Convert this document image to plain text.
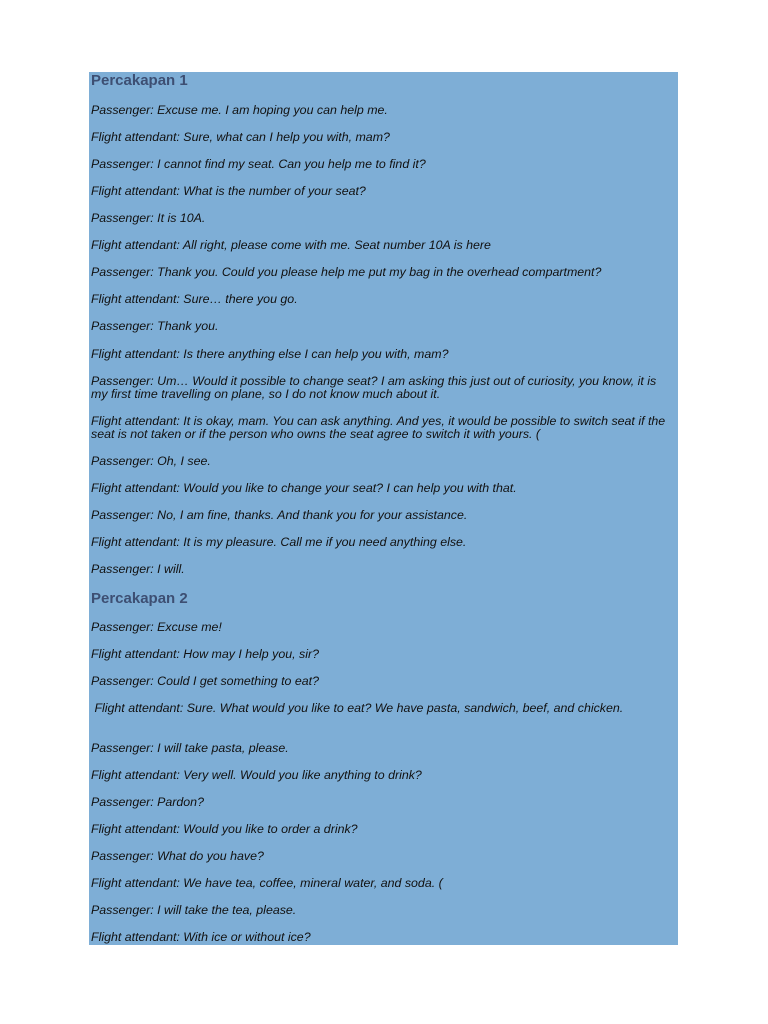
Percakapan 1

Passenger: Excuse me. I am hoping you can help me.

Flight attendant: Sure, what can I help you with, mam?

Passenger: I cannot find my seat. Can you help me to find it?

Flight attendant: What is the number of your seat?

Passenger: It is 10A.

Flight attendant: All right, please come with me. Seat number 10A is here

Passenger: Thank you. Could you please help me put my bag in the overhead compartment?

Flight attendant: Sure… there you go.

Passenger: Thank you.

Flight attendant: Is there anything else I can help you with, mam?

Passenger: Um… Would it possible to change seat? I am asking this just out of curiosity, you know, it is my first time travelling on plane, so I do not know much about it.

Flight attendant: It is okay, mam. You can ask anything. And yes, it would be possible to switch seat if the seat is not taken or if the person who owns the seat agree to switch it with yours. (

Passenger: Oh, I see.

Flight attendant: Would you like to change your seat? I can help you with that.

Passenger: No, I am fine, thanks. And thank you for your assistance.

Flight attendant: It is my pleasure. Call me if you need anything else.

Passenger: I will.

Percakapan 2

Passenger: Excuse me!

Flight attendant: How may I help you, sir?

Passenger: Could I get something to eat?

Flight attendant: Sure. What would you like to eat? We have pasta, sandwich, beef, and chicken.

Passenger: I will take pasta, please.

Flight attendant: Very well. Would you like anything to drink?

Passenger: Pardon?

Flight attendant: Would you like to order a drink?

Passenger: What do you have?

Flight attendant: We have tea, coffee, mineral water, and soda. (

Passenger: I will take the tea, please.

Flight attendant: With ice or without ice?
